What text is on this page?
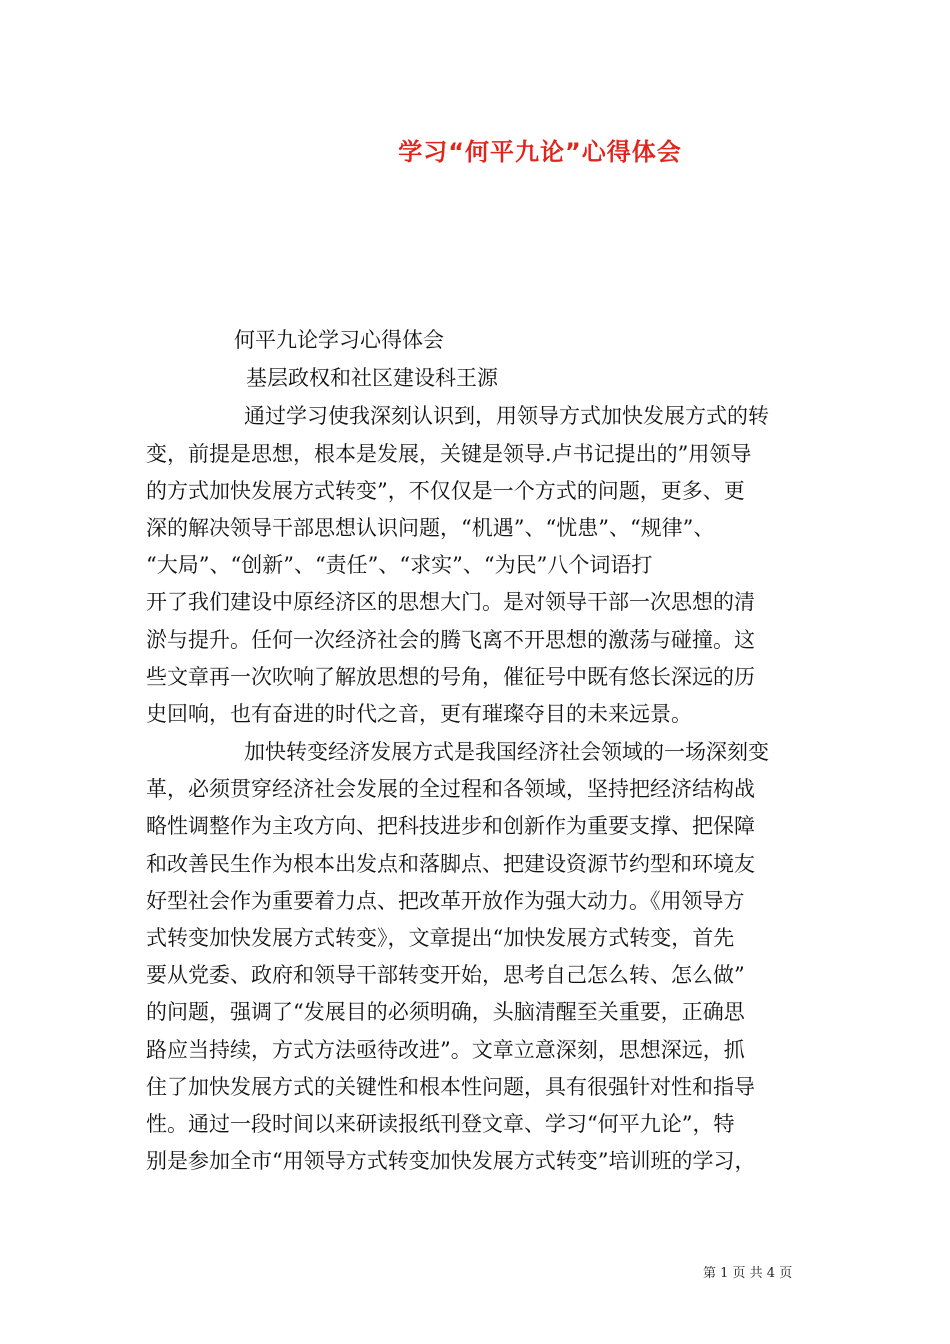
学习“何平九论”心得体会
何平九论学习心得体会
基层政权和社区建设科王源
通过学习使我深刻认识到，用领导方式加快发展方式的转
变，前提是思想，根本是发展，关键是领导.卢书记提出的”用领导
的方式加快发展方式转变”，不仅仅是一个方式的问题，更多、更
深的解决领导干部思想认识问题，“机遇”、“忧患”、“规律”、
“大局”、“创新”、“责任”、“求实”、“为民”八个词语打
开了我们建设中原经济区的思想大门。是对领导干部一次思想的清
淤与提升。任何一次经济社会的腾飞离不开思想的激荡与碰撞。这
些文章再一次吹响了解放思想的号角，催征号中既有悠长深远的历
史回响，也有奋进的时代之音，更有璀璨夺目的未来远景。
加快转变经济发展方式是我国经济社会领域的一场深刻变
革，必须贯穿经济社会发展的全过程和各领域，坚持把经济结构战
略性调整作为主攻方向、把科技进步和创新作为重要支撑、把保障
和改善民生作为根本出发点和落脚点、把建设资源节约型和环境友
好型社会作为重要着力点、把改革开放作为强大动力。《用领导方
式转变加快发展方式转变》，文章提出“加快发展方式转变，首先
要从党委、政府和领导干部转变开始，思考自己怎么转、怎么做”
的问题，强调了“发展目的必须明确，头脑清醒至关重要，正确思
路应当持续，方式方法亟待改进”。文章立意深刻，思想深远，抓
住了加快发展方式的关键性和根本性问题，具有很强针对性和指导
性。通过一段时间以来研读报纸刊登文章、学习“何平九论”，特
别是参加全市“用领导方式转变加快发展方式转变”培训班的学习，
第 1 页 共 4 页
